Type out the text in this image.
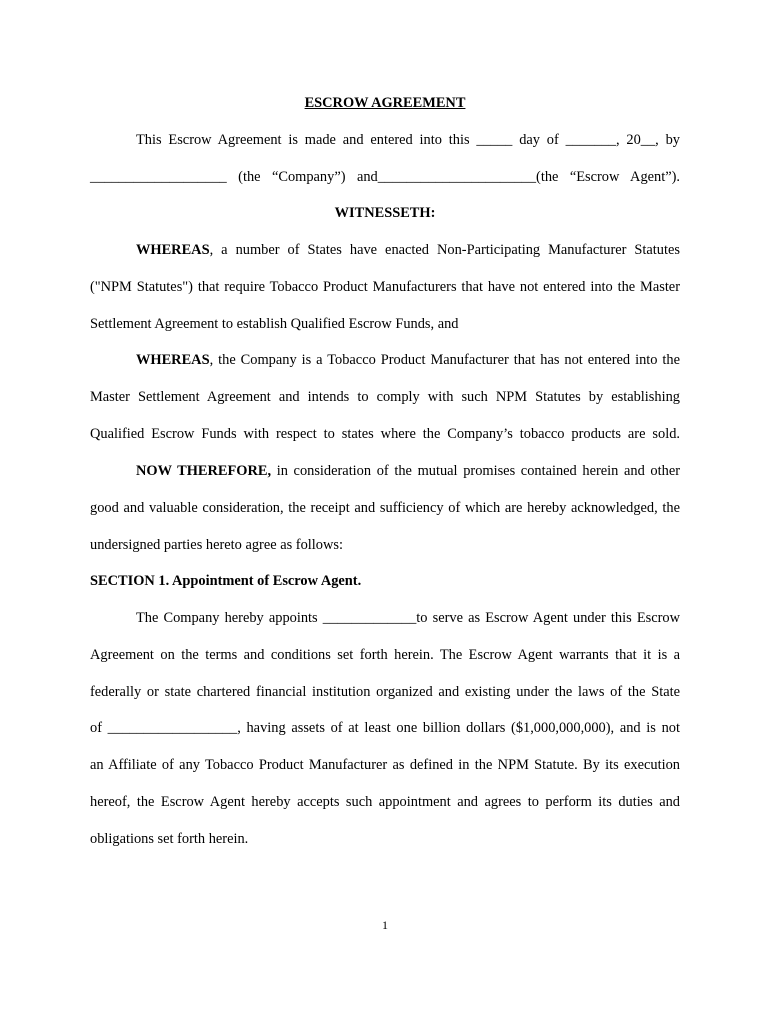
ESCROW AGREEMENT
This Escrow Agreement is made and entered into this _____ day of _______, 20__, by
___________________ (the “Company”) and______________________(the “Escrow Agent”).
WITNESSETH:
WHEREAS, a number of States have enacted Non-Participating Manufacturer Statutes
("NPM Statutes") that require Tobacco Product Manufacturers that have not entered into the Master
Settlement Agreement to establish Qualified Escrow Funds, and
WHEREAS, the Company is a Tobacco Product Manufacturer that has not entered into the
Master Settlement Agreement and intends to comply with such NPM Statutes by establishing
Qualified Escrow Funds with respect to states where the Company’s tobacco products are sold.
NOW THEREFORE, in consideration of the mutual promises contained herein and other
good and valuable consideration, the receipt and sufficiency of which are hereby acknowledged, the
undersigned parties hereto agree as follows:
SECTION 1. Appointment of Escrow Agent.
The Company hereby appoints _____________to serve as Escrow Agent under this Escrow
Agreement on the terms and conditions set forth herein. The Escrow Agent warrants that it is a
federally or state chartered financial institution organized and existing under the laws of the State
of __________________, having assets of at least one billion dollars ($1,000,000,000), and is not
an Affiliate of any Tobacco Product Manufacturer as defined in the NPM Statute. By its execution
hereof, the Escrow Agent hereby accepts such appointment and agrees to perform its duties and
obligations set forth herein.
1
